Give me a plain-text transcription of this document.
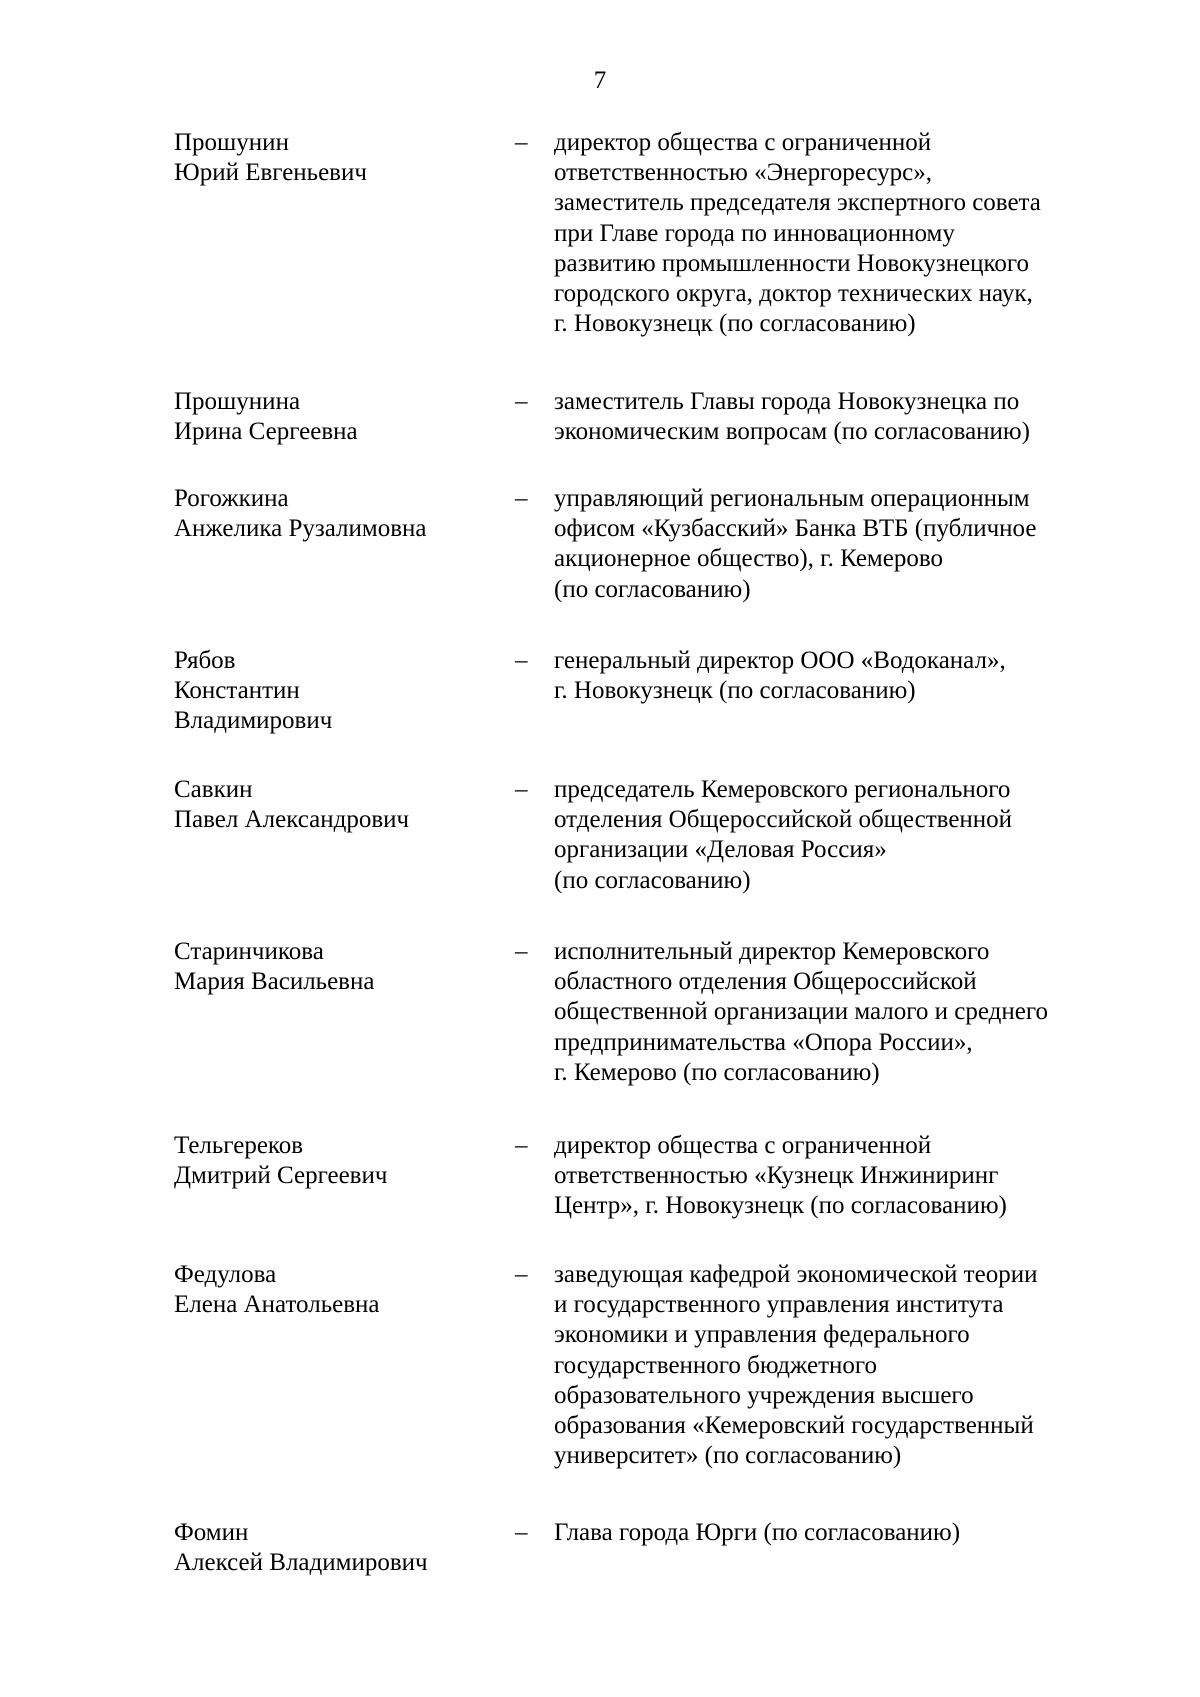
7
Прошунин
Юрий Евгеньевич
– директор общества с ограниченной
ответственностью «Энергоресурс»,
заместитель председателя экспертного совета
при Главе города по инновационному
развитию промышленности Новокузнецкого
городского округа, доктор технических наук,
г. Новокузнецк (по согласованию)
Прошунина
Ирина Сергеевна
– заместитель Главы города Новокузнецка по
экономическим вопросам (по согласованию)
Рогожкина
Анжелика Рузалимовна
– управляющий региональным операционным
офисом «Кузбасский» Банка ВТБ (публичное
акционерное общество), г. Кемерово
(по согласованию)
Рябов
Константин
Владимирович
– генеральный директор ООО «Водоканал»,
г. Новокузнецк (по согласованию)
Савкин
Павел Александрович
– председатель Кемеровского регионального
отделения Общероссийской общественной
организации «Деловая Россия»
(по согласованию)
Старинчикова
Мария Васильевна
– исполнительный директор Кемеровского
областного отделения Общероссийской
общественной организации малого и среднего
предпринимательства «Опора России»,
г. Кемерово (по согласованию)
Тельгереков
Дмитрий Сергеевич
– директор общества с ограниченной
ответственностью «Кузнецк Инжиниринг
Центр», г. Новокузнецк (по согласованию)
Федулова
Елена Анатольевна
– заведующая кафедрой экономической теории
и государственного управления института
экономики и управления федерального
государственного бюджетного
образовательного учреждения высшего
образования «Кемеровский государственный
университет» (по согласованию)
Фомин
Алексей Владимирович
– Глава города Юрги (по согласованию)
